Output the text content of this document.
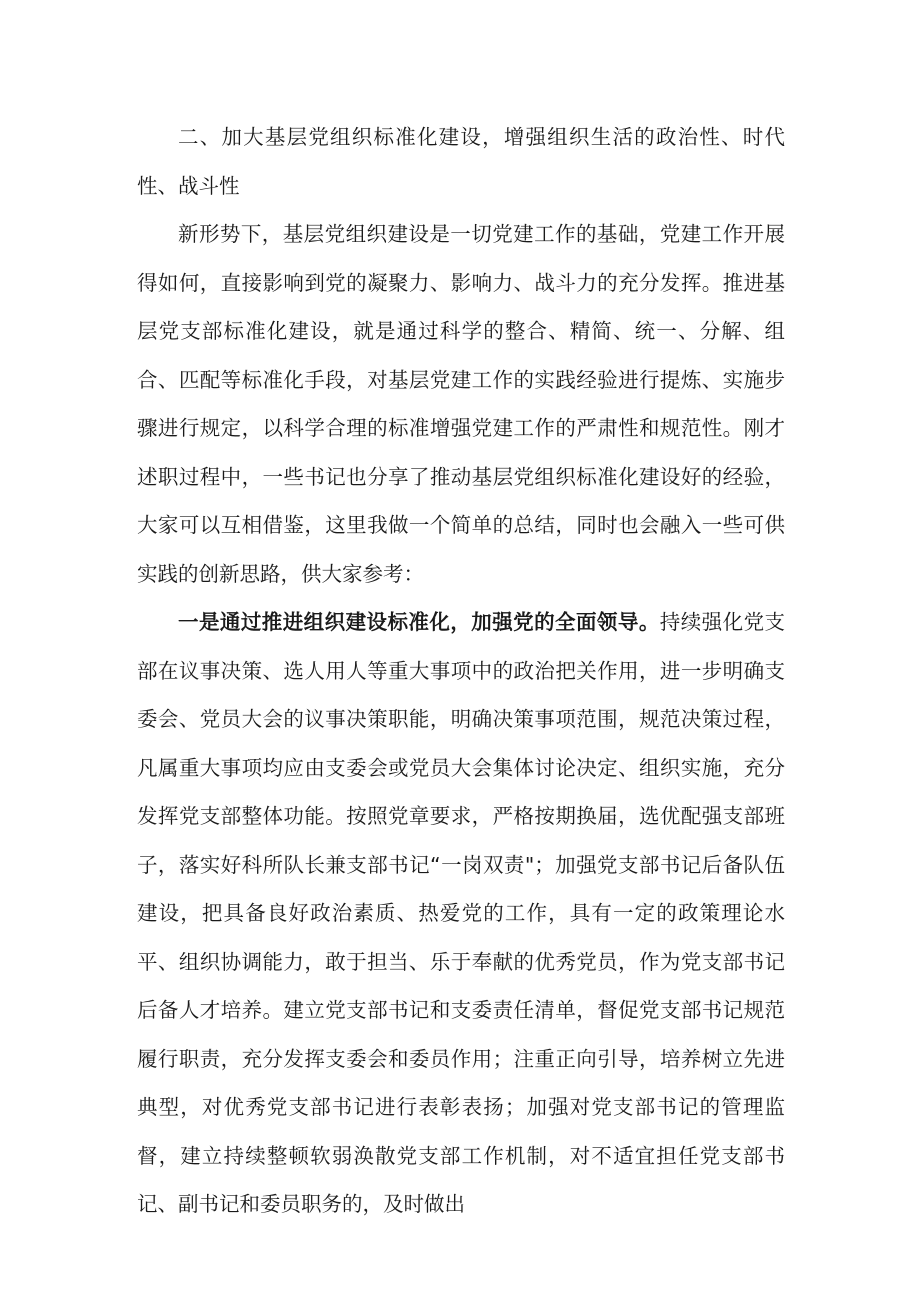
二、加大基层党组织标准化建设，增强组织生活的政治性、时代性、战斗性

新形势下，基层党组织建设是一切党建工作的基础，党建工作开展得如何，直接影响到党的凝聚力、影响力、战斗力的充分发挥。推进基层党支部标准化建设，就是通过科学的整合、精简、统一、分解、组合、匹配等标准化手段，对基层党建工作的实践经验进行提炼、实施步骤进行规定，以科学合理的标准增强党建工作的严肃性和规范性。刚才述职过程中，一些书记也分享了推动基层党组织标准化建设好的经验，大家可以互相借鉴，这里我做一个简单的总结，同时也会融入一些可供实践的创新思路，供大家参考：

一是通过推进组织建设标准化，加强党的全面领导。持续强化党支部在议事决策、选人用人等重大事项中的政治把关作用，进一步明确支委会、党员大会的议事决策职能，明确决策事项范围，规范决策过程，凡属重大事项均应由支委会或党员大会集体讨论决定、组织实施，充分发挥党支部整体功能。按照党章要求，严格按期换届，选优配强支部班子，落实好科所队长兼支部书记“一岗双责"；加强党支部书记后备队伍建设，把具备良好政治素质、热爱党的工作，具有一定的政策理论水平、组织协调能力，敢于担当、乐于奉献的优秀党员，作为党支部书记后备人才培养。建立党支部书记和支委责任清单，督促党支部书记规范履行职责，充分发挥支委会和委员作用；注重正向引导，培养树立先进典型，对优秀党支部书记进行表彰表扬；加强对党支部书记的管理监督，建立持续整顿软弱涣散党支部工作机制，对不适宜担任党支部书记、副书记和委员职务的，及时做出
